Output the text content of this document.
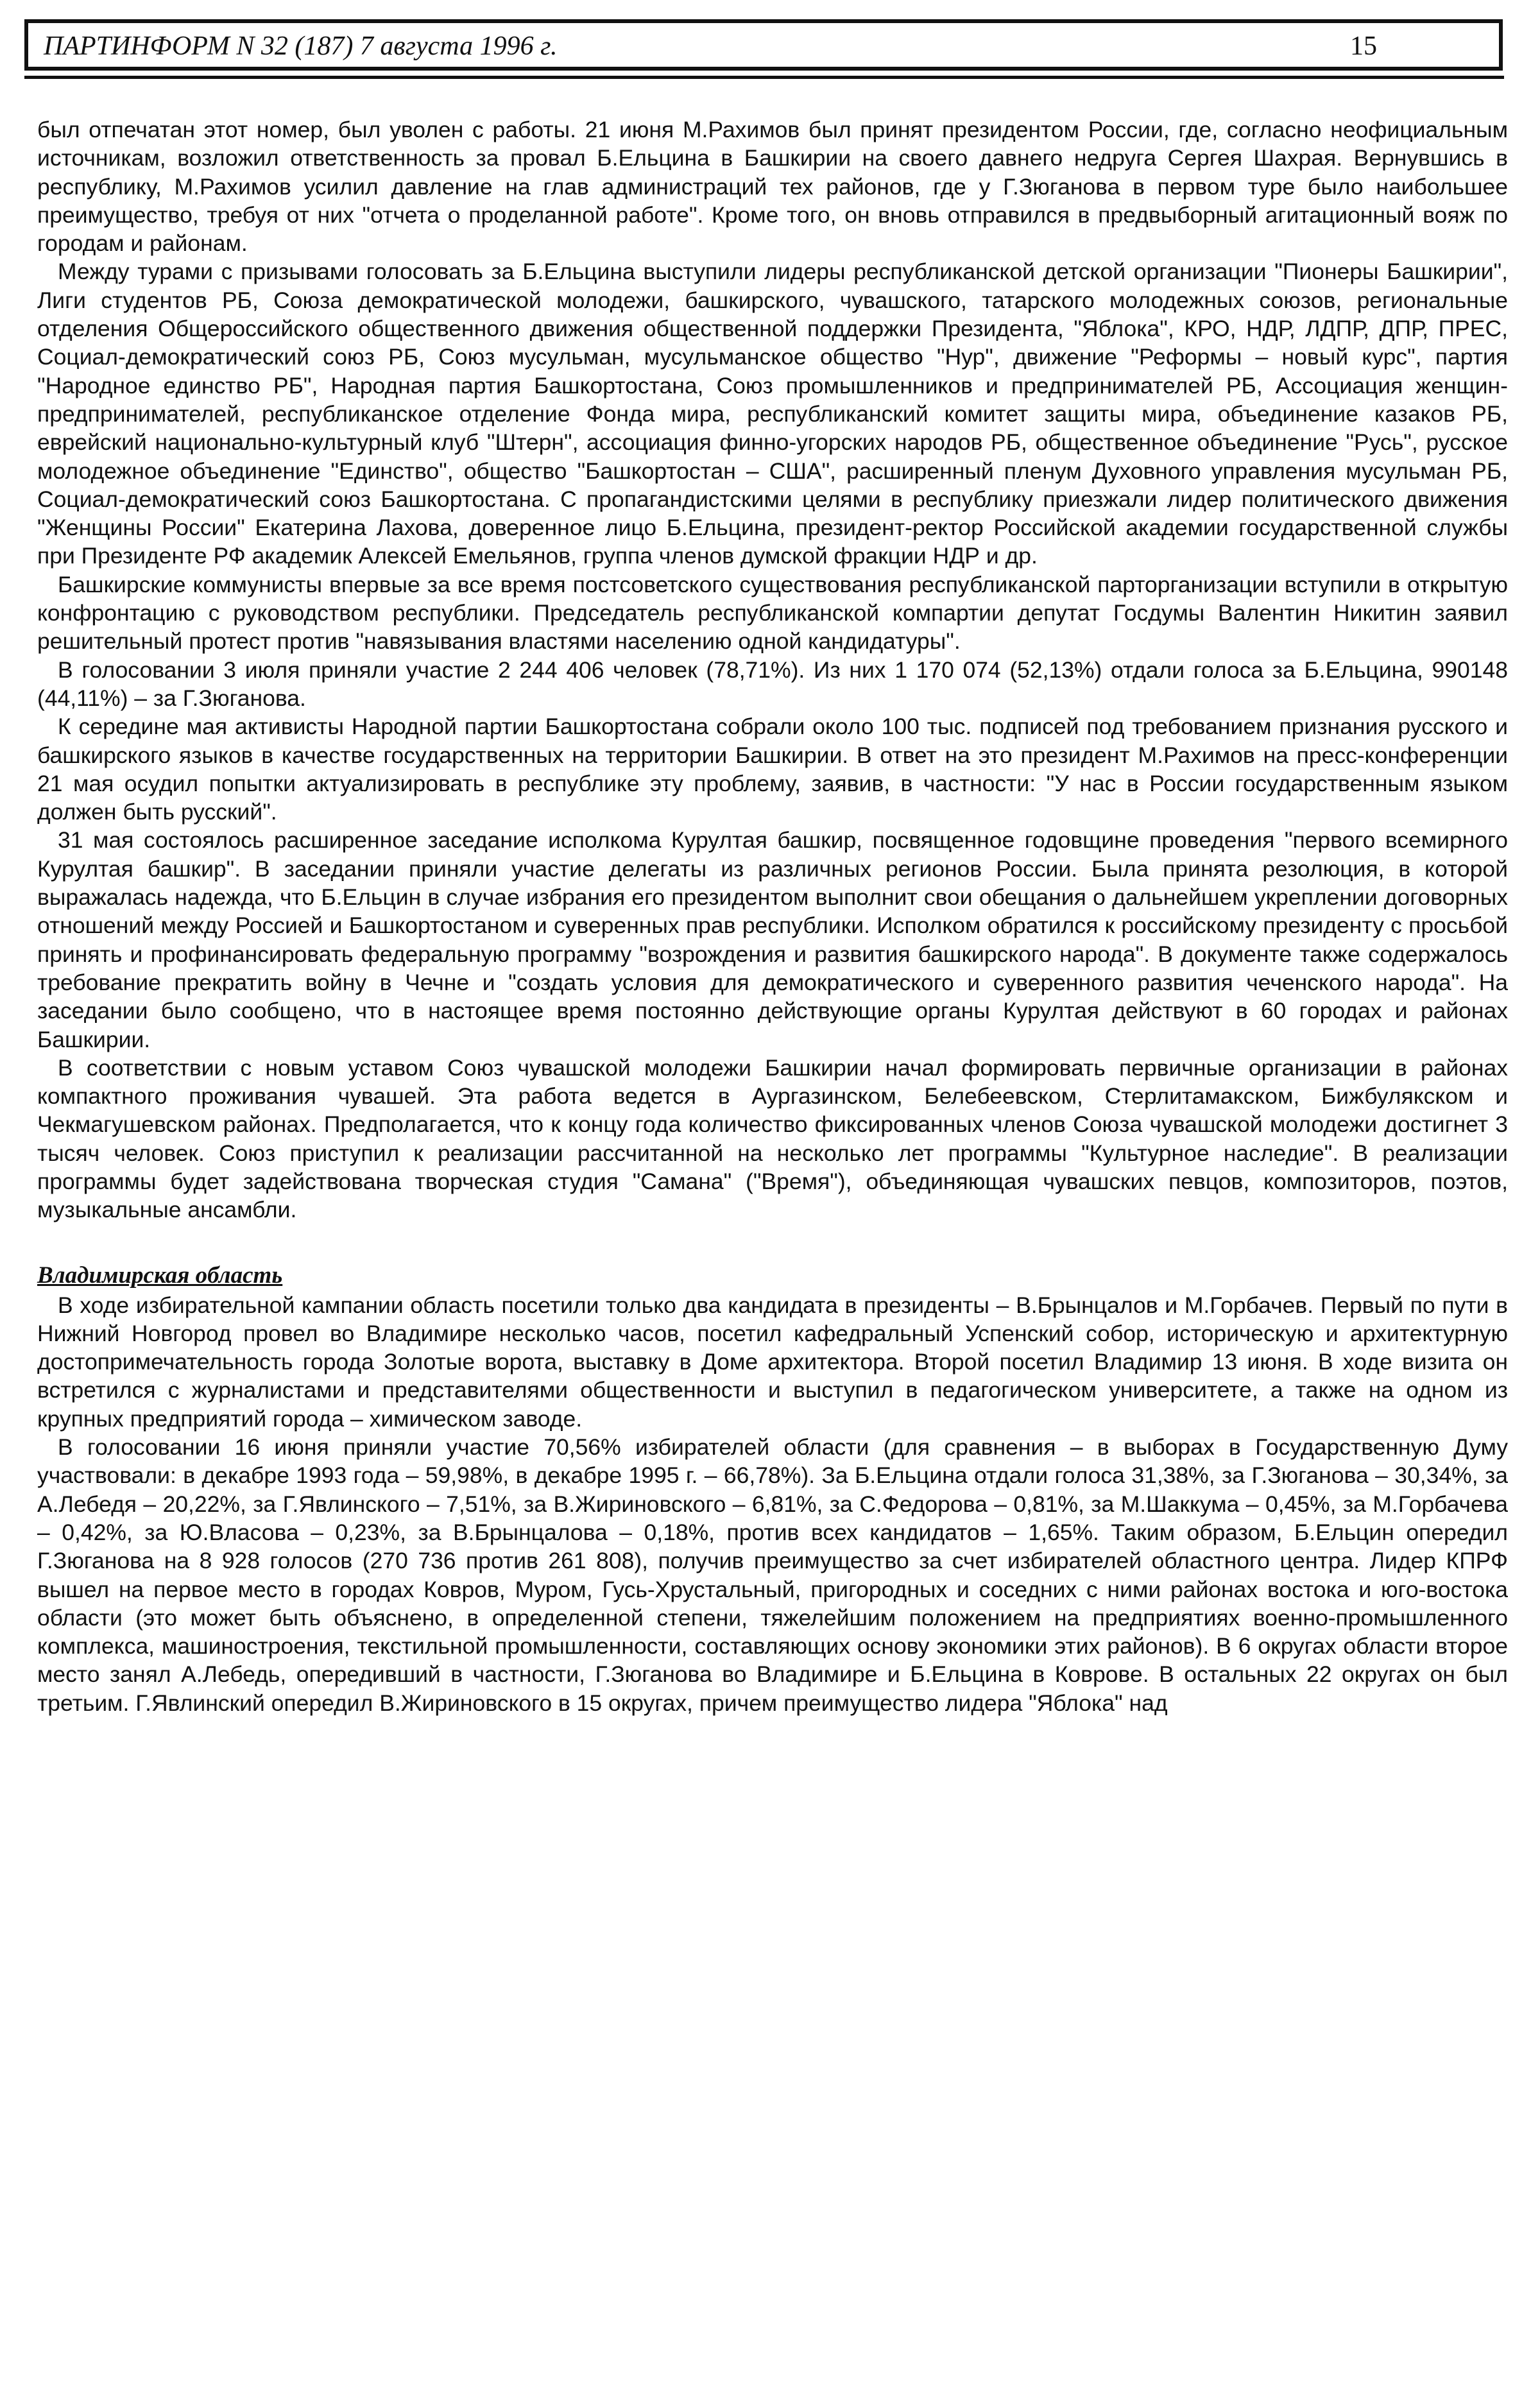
ПАРТИНФОРМ N 32 (187) 7 августа 1996 г.	15

был отпечатан этот номер, был уволен с работы. 21 июня М.Рахимов был принят президентом России, где, согласно неофициальным источникам, возложил ответственность за провал Б.Ельцина в Башкирии на своего давнего недруга Сергея Шахрая. Вернувшись в республику, М.Рахимов усилил давление на глав администраций тех районов, где у Г.Зюганова в первом туре было наибольшее преимущество, требуя от них "отчета о проделанной работе". Кроме того, он вновь отправился в предвыборный агитационный вояж по городам и районам.

Между турами с призывами голосовать за Б.Ельцина выступили лидеры республиканской детской организации "Пионеры Башкирии", Лиги студентов РБ, Союза демократической молодежи, башкирского, чувашского, татарского молодежных союзов, региональные отделения Общероссийского общественного движения общественной поддержки Президента, "Яблока", КРО, НДР, ЛДПР, ДПР, ПРЕС, Социал-демократический союз РБ, Союз мусульман, мусульманское общество "Нур", движение "Реформы – новый курс", партия "Народное единство РБ", Народная партия Башкортостана, Союз промышленников и предпринимателей РБ, Ассоциация женщин-предпринимателей, республиканское отделение Фонда мира, республиканский комитет защиты мира, объединение казаков РБ, еврейский национально-культурный клуб "Штерн", ассоциация финно-угорских народов РБ, общественное объединение "Русь", русское молодежное объединение "Единство", общество "Башкортостан – США", расширенный пленум Духовного управления мусульман РБ, Социал-демократический союз Башкортостана. С пропагандистскими целями в республику приезжали лидер политического движения "Женщины России" Екатерина Лахова, доверенное лицо Б.Ельцина, президент-ректор Российской академии государственной службы при Президенте РФ академик Алексей Емельянов, группа членов думской фракции НДР и др.

Башкирские коммунисты впервые за все время постсоветского существования республиканской парторганизации вступили в открытую конфронтацию с руководством республики. Председатель республиканской компартии депутат Госдумы Валентин Никитин заявил решительный протест против "навязывания властями населению одной кандидатуры".

В голосовании 3 июля приняли участие 2 244 406 человек (78,71%). Из них 1 170 074 (52,13%) отдали голоса за Б.Ельцина, 990148 (44,11%) – за Г.Зюганова.

К середине мая активисты Народной партии Башкортостана собрали около 100 тыс. подписей под требованием признания русского и башкирского языков в качестве государственных на территории Башкирии. В ответ на это президент М.Рахимов на пресс-конференции 21 мая осудил попытки актуализировать в республике эту проблему, заявив, в частности: "У нас в России государственным языком должен быть русский".

31 мая состоялось расширенное заседание исполкома Курултая башкир, посвященное годовщине проведения "первого всемирного Курултая башкир". В заседании приняли участие делегаты из различных регионов России. Была принята резолюция, в которой выражалась надежда, что Б.Ельцин в случае избрания его президентом выполнит свои обещания о дальнейшем укреплении договорных отношений между Россией и Башкортостаном и суверенных прав республики. Исполком обратился к российскому президенту с просьбой принять и профинансировать федеральную программу "возрождения и развития башкирского народа". В документе также содержалось требование прекратить войну в Чечне и "создать условия для демократического и суверенного развития чеченского народа". На заседании было сообщено, что в настоящее время постоянно действующие органы Курултая действуют в 60 городах и районах Башкирии.

В соответствии с новым уставом Союз чувашской молодежи Башкирии начал формировать первичные организации в районах компактного проживания чувашей. Эта работа ведется в Аургазинском, Белебеевском, Стерлитамакском, Бижбулякском и Чекмагушевском районах. Предполагается, что к концу года количество фиксированных членов Союза чувашской молодежи достигнет 3 тысяч человек. Союз приступил к реализации рассчитанной на несколько лет программы "Культурное наследие". В реализации программы будет задействована творческая студия "Самана" ("Время"), объединяющая чувашских певцов, композиторов, поэтов, музыкальные ансамбли.

Владимирская область

В ходе избирательной кампании область посетили только два кандидата в президенты – В.Брынцалов и М.Горбачев. Первый по пути в Нижний Новгород провел во Владимире несколько часов, посетил кафедральный Успенский собор, историческую и архитектурную достопримечательность города Золотые ворота, выставку в Доме архитектора. Второй посетил Владимир 13 июня. В ходе визита он встретился с журналистами и представителями общественности и выступил в педагогическом университете, а также на одном из крупных предприятий города – химическом заводе.

В голосовании 16 июня приняли участие 70,56% избирателей области (для сравнения – в выборах в Государственную Думу участвовали: в декабре 1993 года – 59,98%, в декабре 1995 г. – 66,78%). За Б.Ельцина отдали голоса 31,38%, за Г.Зюганова – 30,34%, за А.Лебедя – 20,22%, за Г.Явлинского – 7,51%, за В.Жириновского – 6,81%, за С.Федорова – 0,81%, за М.Шаккума – 0,45%, за М.Горбачева – 0,42%, за Ю.Власова – 0,23%, за В.Брынцалова – 0,18%, против всех кандидатов – 1,65%. Таким образом, Б.Ельцин опередил Г.Зюганова на 8 928 голосов (270 736 против 261 808), получив преимущество за счет избирателей областного центра. Лидер КПРФ вышел на первое место в городах Ковров, Муром, Гусь-Хрустальный, пригородных и соседних с ними районах востока и юго-востока области (это может быть объяснено, в определенной степени, тяжелейшим положением на предприятиях военно-промышленного комплекса, машиностроения, текстильной промышленности, составляющих основу экономики этих районов). В 6 округах области второе место занял А.Лебедь, опередивший в частности, Г.Зюганова во Владимире и Б.Ельцина в Коврове. В остальных 22 округах он был третьим. Г.Явлинский опередил В.Жириновского в 15 округах, причем преимущество лидера "Яблока" над
